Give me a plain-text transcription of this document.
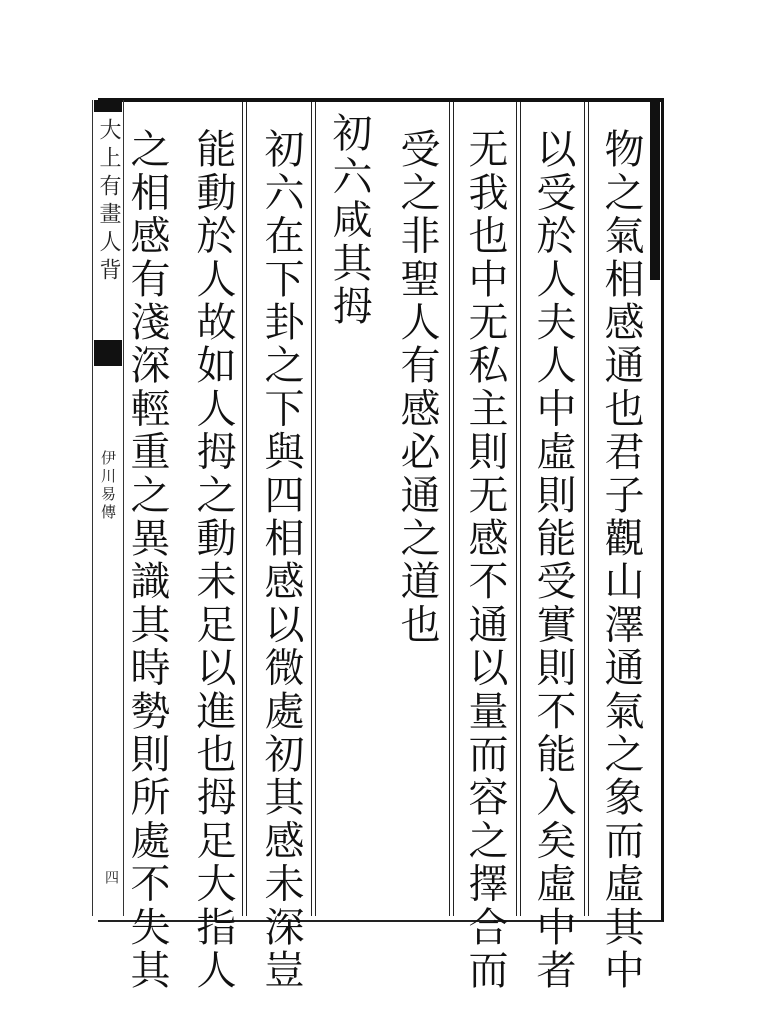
大上有畫人背
伊川易傳
四	物之氣相感通也君子觀山澤通氣之象而虛其中
以受於人夫人中虛則能受實則不能入矣虛中者
无我也中无私主則无感不通以量而容之擇合而
受之非聖人有感必通之道也
初六咸其拇
初六在下卦之下與四相感以微處初其感未深豈
能動於人故如人拇之動未足以進也拇足大指人
之相感有淺深輕重之異識其時勢則所處不失其
